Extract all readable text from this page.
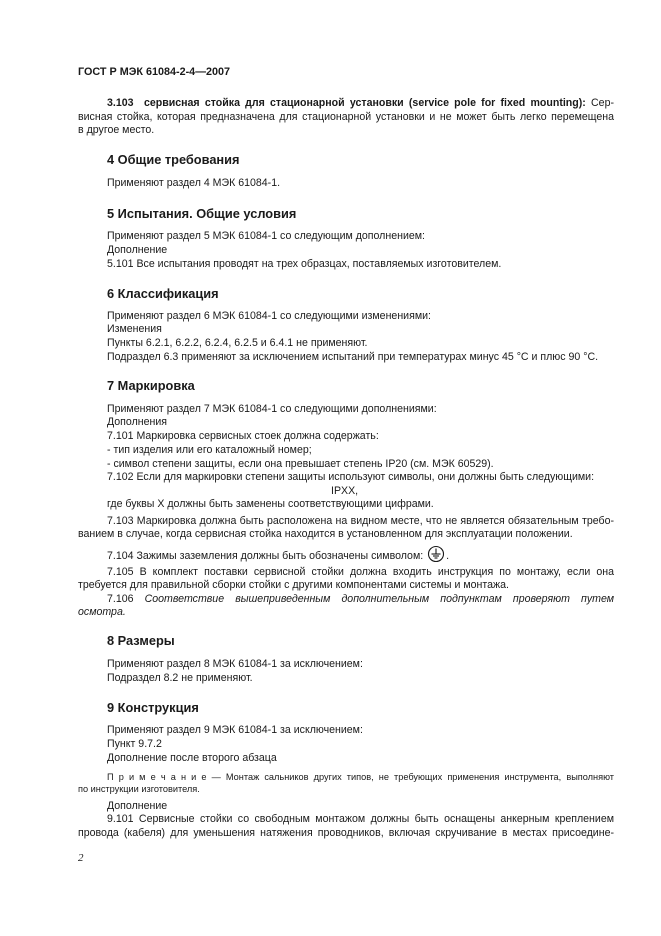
ГОСТ Р МЭК 61084-2-4—2007
3.103 сервисная стойка для стационарной установки (service pole for fixed mounting): Сер-
висная стойка, которая предназначена для стационарной установки и не может быть легко перемещена
в другое место.
4 Общие требования
Применяют раздел 4 МЭК 61084-1.
5 Испытания. Общие условия
Применяют раздел 5 МЭК 61084-1 со следующим дополнением:
Дополнение
5.101 Все испытания проводят на трех образцах, поставляемых изготовителем.
6 Классификация
Применяют раздел 6 МЭК 61084-1 со следующими изменениями:
Изменения
Пункты 6.2.1, 6.2.2, 6.2.4, 6.2.5 и 6.4.1 не применяют.
Подраздел 6.3 применяют за исключением испытаний при температурах минус 45 °С и плюс 90 °С.
7 Маркировка
Применяют раздел 7 МЭК 61084-1 со следующими дополнениями:
Дополнения
7.101 Маркировка сервисных стоек должна содержать:
- тип изделия или его каталожный номер;
- символ степени защиты, если она превышает степень IP20 (см. МЭК 60529).
7.102 Если для маркировки степени защиты используют символы, они должны быть следующими:
IPXX,
где буквы Х должны быть заменены соответствующими цифрами.
7.103 Маркировка должна быть расположена на видном месте, что не является обязательным требо-
ванием в случае, когда сервисная стойка находится в установленном для эксплуатации положении.
7.104 Зажимы заземления должны быть обозначены символом: .
7.105 В комплект поставки сервисной стойки должна входить инструкция по монтажу, если она
требуется для правильной сборки стойки с другими компонентами системы и монтажа.
7.106 Соответствие вышеприведенным дополнительным подпунктам проверяют путем
осмотра.
8 Размеры
Применяют раздел 8 МЭК 61084-1 за исключением:
Подраздел 8.2 не применяют.
9 Конструкция
Применяют раздел 9 МЭК 61084-1 за исключением:
Пункт 9.7.2
Дополнение после второго абзаца
П р и м е ч а н и е — Монтаж сальников других типов, не требующих применения инструмента, выполняют
по инструкции изготовителя.
Дополнение
9.101 Сервисные стойки со свободным монтажом должны быть оснащены анкерным креплением
провода (кабеля) для уменьшения натяжения проводников, включая скручивание в местах присоедине-
2
